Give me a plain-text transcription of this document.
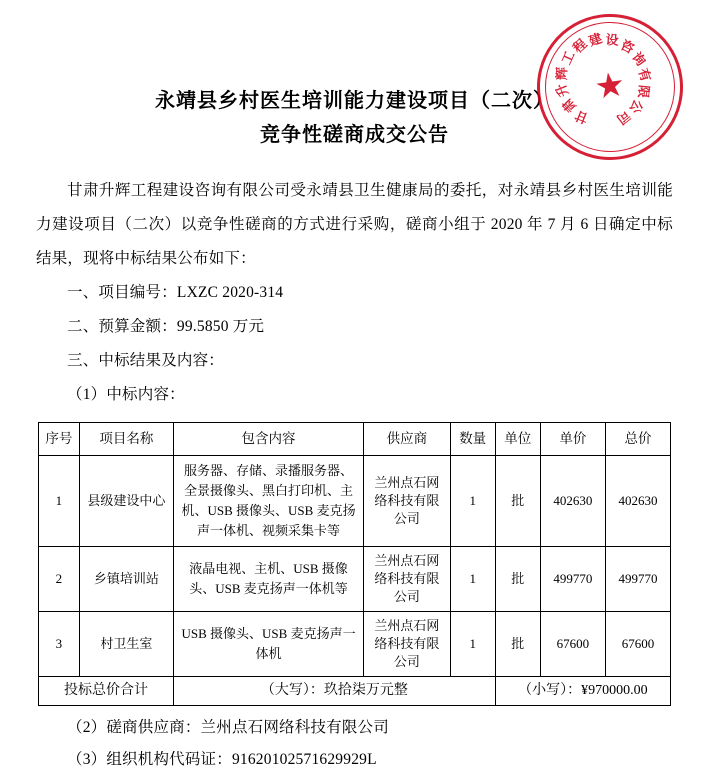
甘
肃
升
辉
工
程
建 设 咨
询
有
限
公
司
★
永靖县乡村医生培训能力建设项目（二次）
竞争性磋商成交公告
甘肃升辉工程建设咨询有限公司受永靖县卫生健康局的委托，对永靖县乡村医生培训能力建设项目（二次）以竞争性磋商的方式进行采购，磋商小组于 2020 年 7 月 6 日确定中标结果，现将中标结果公布如下：
一、项目编号：LXZC 2020-314
二、预算金额：99.5850 万元
三、中标结果及内容：
（1）中标内容：
序号	项目名称	包含内容	供应商	数量	单位	单价	总价
1	县级建设中心	服务器、存储、录播服务器、全景摄像头、黑白打印机、主机、USB 摄像头、USB 麦克扬声一体机、视频采集卡等	兰州点石网络科技有限公司	1	批	402630	402630
2	乡镇培训站	液晶电视、主机、USB 摄像头、USB 麦克扬声一体机等	兰州点石网络科技有限公司	1	批	499770	499770
3	村卫生室	USB 摄像头、USB 麦克扬声一体机	兰州点石网络科技有限公司	1	批	67600	67600
投标总价合计		（大写）：玖拾柒万元整			（小写）：¥970000.00		
（2）磋商供应商：兰州点石网络科技有限公司
（3）组织机构代码证：91620102571629929L
